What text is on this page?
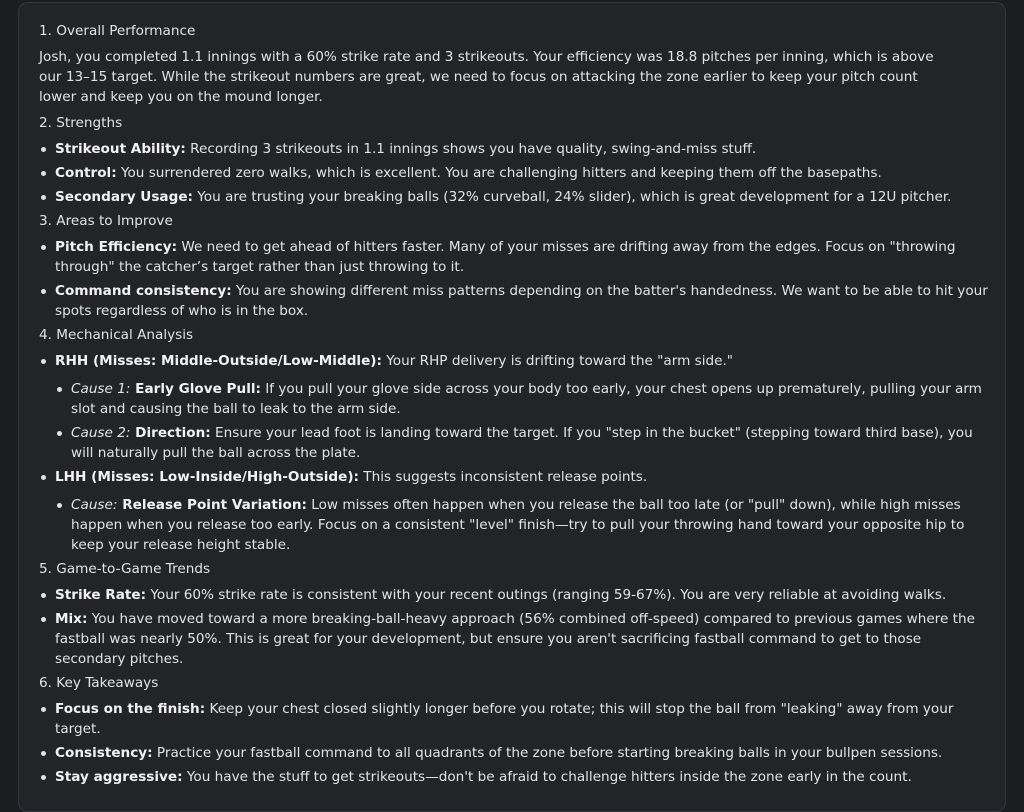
1. Overall Performance

Josh, you completed 1.1 innings with a 60% strike rate and 3 strikeouts. Your efficiency was 18.8 pitches per inning, which is above our 13–15 target. While the strikeout numbers are great, we need to focus on attacking the zone earlier to keep your pitch count lower and keep you on the mound longer.

2. Strengths
Strikeout Ability: Recording 3 strikeouts in 1.1 innings shows you have quality, swing-and-miss stuff.
Control: You surrendered zero walks, which is excellent. You are challenging hitters and keeping them off the basepaths.
Secondary Usage: You are trusting your breaking balls (32% curveball, 24% slider), which is great development for a 12U pitcher.
3. Areas to Improve
Pitch Efficiency: We need to get ahead of hitters faster. Many of your misses are drifting away from the edges. Focus on "throwing through" the catcher’s target rather than just throwing to it.
Command consistency: You are showing different miss patterns depending on the batter's handedness. We want to be able to hit your spots regardless of who is in the box.
4. Mechanical Analysis
RHH (Misses: Middle-Outside/Low-Middle): Your RHP delivery is drifting toward the "arm side."
Cause 1: Early Glove Pull: If you pull your glove side across your body too early, your chest opens up prematurely, pulling your arm slot and causing the ball to leak to the arm side.
Cause 2: Direction: Ensure your lead foot is landing toward the target. If you "step in the bucket" (stepping toward third base), you will naturally pull the ball across the plate.
LHH (Misses: Low-Inside/High-Outside): This suggests inconsistent release points.
Cause: Release Point Variation: Low misses often happen when you release the ball too late (or "pull" down), while high misses happen when you release too early. Focus on a consistent "level" finish—try to pull your throwing hand toward your opposite hip to keep your release height stable.
5. Game-to-Game Trends
Strike Rate: Your 60% strike rate is consistent with your recent outings (ranging 59-67%). You are very reliable at avoiding walks.
Mix: You have moved toward a more breaking-ball-heavy approach (56% combined off-speed) compared to previous games where the fastball was nearly 50%. This is great for your development, but ensure you aren't sacrificing fastball command to get to those secondary pitches.
6. Key Takeaways
Focus on the finish: Keep your chest closed slightly longer before you rotate; this will stop the ball from "leaking" away from your target.
Consistency: Practice your fastball command to all quadrants of the zone before starting breaking balls in your bullpen sessions.
Stay aggressive: You have the stuff to get strikeouts—don't be afraid to challenge hitters inside the zone early in the count.
